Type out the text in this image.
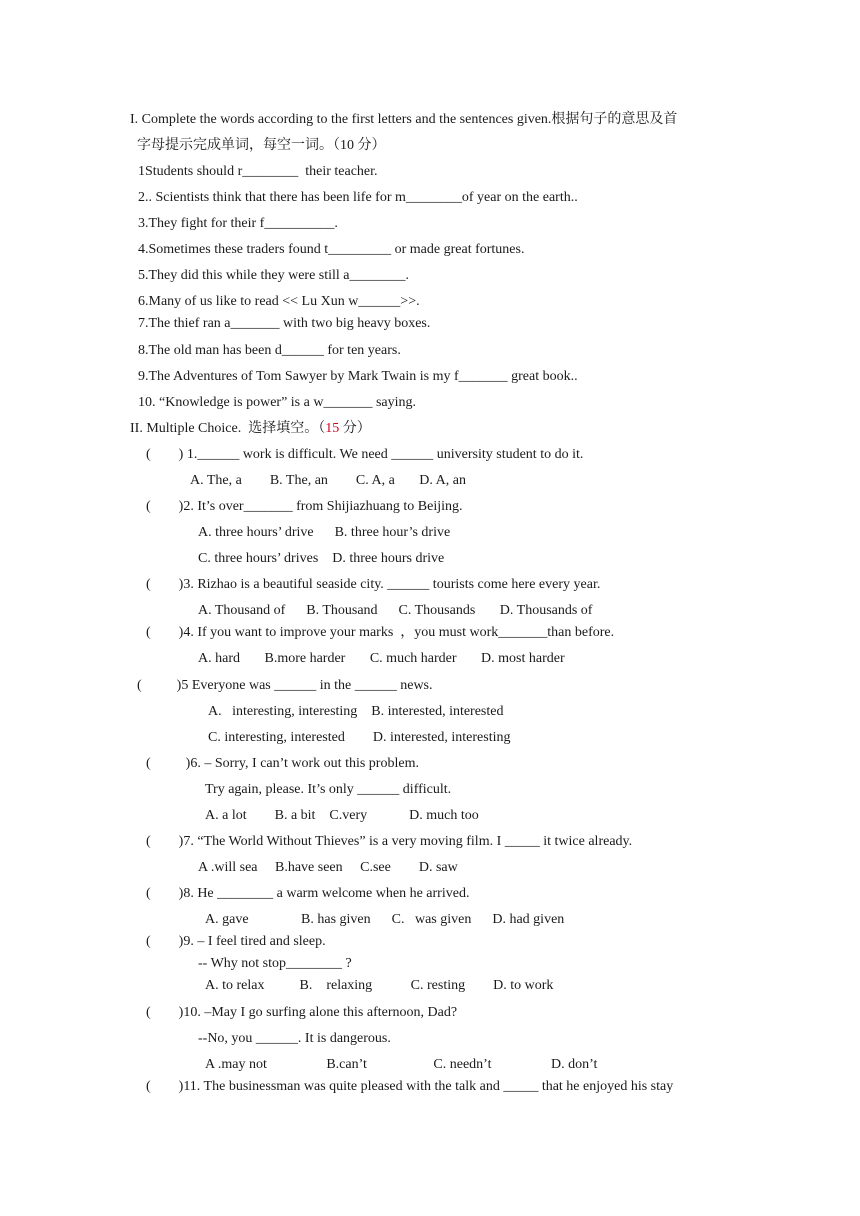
I. Complete the words according to the first letters and the sentences given.根据句子的意思及首
字母提示完成单词，每空一词。（10 分）
1Students should r________  their teacher.
2.. Scientists think that there has been life for m________of year on the earth..
3.They fight for their f__________.
4.Sometimes these traders found t_________ or made great fortunes.
5.They did this while they were still a________.
6.Many of us like to read << Lu Xun w______>>.
7.The thief ran a_______ with two big heavy boxes.
8.The old man has been d______ for ten years.
9.The Adventures of Tom Sawyer by Mark Twain is my f_______ great book..
10. “Knowledge is power” is a w_______ saying.
II. Multiple Choice.  选择填空。（15 分）
(        ) 1.______ work is difficult. We need ______ university student to do it.
A. The, a        B. The, an        C. A, a       D. A, an
(        )2. It’s over_______ from Shijiazhuang to Beijing.
A. three hours’ drive      B. three hour’s drive
C. three hours’ drives    D. three hours drive
(        )3. Rizhao is a beautiful seaside city. ______ tourists come here every year.
A. Thousand of      B. Thousand      C. Thousands       D. Thousands of
(        )4. If you want to improve your marks  ，you must work_______than before.
A. hard       B.more harder       C. much harder       D. most harder
(          )5 Everyone was ______ in the ______ news.
A.   interesting, interesting    B. interested, interested
C. interesting, interested        D. interested, interesting
(          )6. – Sorry, I can’t work out this problem.
Try again, please. It’s only ______ difficult.
A. a lot        B. a bit    C.very            D. much too
(        )7. “The World Without Thieves” is a very moving film. I _____ it twice already.
A .will sea     B.have seen     C.see        D. saw
(        )8. He ________ a warm welcome when he arrived.
A. gave               B. has given      C.   was given      D. had given
(        )9. – I feel tired and sleep.
-- Why not stop________ ?
A. to relax          B.    relaxing           C. resting        D. to work
(        )10. –May I go surfing alone this afternoon, Dad?
--No, you ______. It is dangerous.
A .may not                 B.can’t                   C. needn’t                 D. don’t
(        )11. The businessman was quite pleased with the talk and _____ that he enjoyed his stay
